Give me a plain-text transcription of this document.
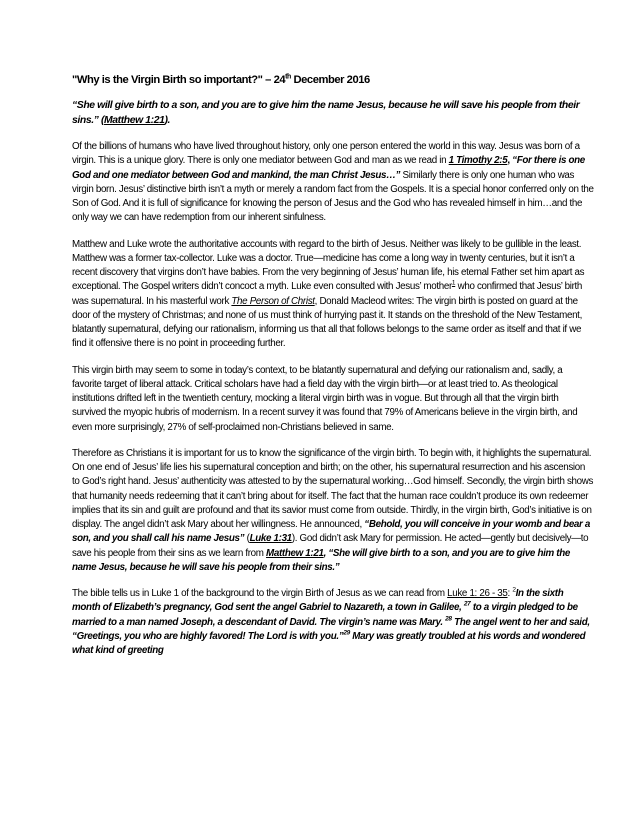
"Why is the Virgin Birth so important?" – 24th December 2016
“She will give birth to a son, and you are to give him the name Jesus, because he will save his people from their sins.” (Matthew 1:21).

Of the billions of humans who have lived throughout history, only one person entered the world in this way. Jesus was born of a virgin. This is a unique glory. There is only one mediator between God and man as we read in 1 Timothy 2:5, “For there is one God and one mediator between God and mankind, the man Christ Jesus…” Similarly there is only one human who was virgin born. Jesus’ distinctive birth isn’t a myth or merely a random fact from the Gospels. It is a special honor conferred only on the Son of God. And it is full of significance for knowing the person of Jesus and the God who has revealed himself in him…and the only way we can have redemption from our inherent sinfulness.

Matthew and Luke wrote the authoritative accounts with regard to the birth of Jesus. Neither was likely to be gullible in the least. Matthew was a former tax-collector. Luke was a doctor. True—medicine has come a long way in twenty centuries, but it isn’t a recent discovery that virgins don’t have babies. From the very beginning of Jesus’ human life, his eternal Father set him apart as exceptional. The Gospel writers didn’t concoct a myth. Luke even consulted with Jesus’ mother$^1$ who confirmed that Jesus’ birth was supernatural. In his masterful work The Person of Christ, Donald Macleod writes: The virgin birth is posted on guard at the door of the mystery of Christmas; and none of us must think of hurrying past it. It stands on the threshold of the New Testament, blatantly supernatural, defying our rationalism, informing us that all that follows belongs to the same order as itself and that if we find it offensive there is no point in proceeding further.

This virgin birth may seem to some in today’s context, to be blatantly supernatural and defying our rationalism and, sadly, a favorite target of liberal attack. Critical scholars have had a field day with the virgin birth—or at least tried to. As theological institutions drifted left in the twentieth century, mocking a literal virgin birth was in vogue. But through all that the virgin birth survived the myopic hubris of modernism. In a recent survey it was found that 79% of Americans believe in the virgin birth, and even more surprisingly, 27% of self-proclaimed non-Christians believed in same.

Therefore as Christians it is important for us to know the significance of the virgin birth. To begin with, it highlights the supernatural. On one end of Jesus’ life lies his supernatural conception and birth; on the other, his supernatural resurrection and his ascension to God’s right hand. Jesus’ authenticity was attested to by the supernatural working…God himself. Secondly, the virgin birth shows that humanity needs redeeming that it can’t bring about for itself. The fact that the human race couldn’t produce its own redeemer implies that its sin and guilt are profound and that its savior must come from outside. Thirdly, in the virgin birth, God’s initiative is on display. The angel didn’t ask Mary about her willingness. He announced, “Behold, you will conceive in your womb and bear a son, and you shall call his name Jesus” (Luke 1:31). God didn’t ask Mary for permission. He acted—gently but decisively—to save his people from their sins as we learn from Matthew 1:21, “She will give birth to a son, and you are to give him the name Jesus, because he will save his people from their sins.”

The bible tells us in Luke 1 of the background to the virgin Birth of Jesus as we can read from Luke 1: 26 - 35: $^2$In the sixth month of Elizabeth’s pregnancy, God sent the angel Gabriel to Nazareth, a town in Galilee, $^{27}$ to a virgin pledged to be married to a man named Joseph, a descendant of David. The virgin’s name was Mary. $^{28}$ The angel went to her and said, “Greetings, you who are highly favored! The Lord is with you.”$^{29}$ Mary was greatly troubled at his words and wondered what kind of greeting
